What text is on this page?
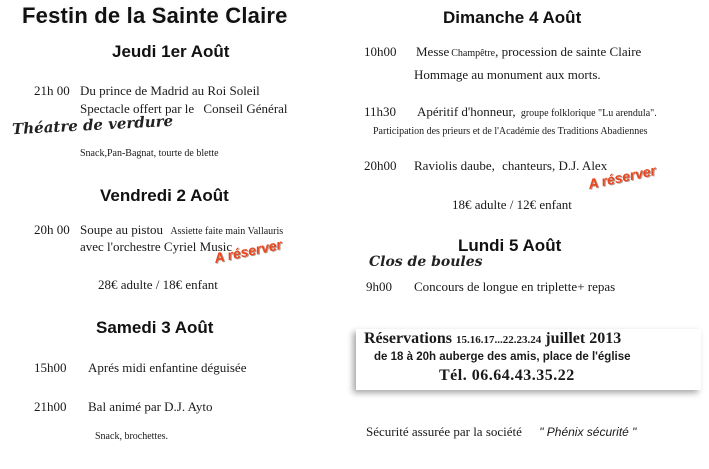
Festin de la Sainte Claire
Jeudi 1er Août
21h 00 Du prince de Madrid au Roi Soleil
Spectacle offert par le Conseil Général
Théatre de verdure
Snack,Pan-Bagnat, tourte de blette
Vendredi 2 Août
20h 00 Soupe au pistou Assiette faite main Vallauris
avec l'orchestre Cyriel Music
A réserver
28€ adulte / 18€ enfant
Samedi 3 Août
15h00 Aprés midi enfantine déguisée
21h00 Bal animé par D.J. Ayto
Snack, brochettes.
Dimanche 4 Août
10h00 Messe Champêtre, procession de sainte Claire
Hommage au monument aux morts.
11h30 Apéritif d'honneur, groupe folklorique "Lu arendula".
Participation des prieurs et de l'Académie des Traditions Abadiennes
20h00 Raviolis daube, chanteurs, D.J. Alex
A réserver
18€ adulte / 12€ enfant
Lundi 5 Août
Clos de boules
9h00 Concours de longue en triplette+ repas
Réservations 15.16.17...22.23.24 juillet 2013
de 18 à 20h auberge des amis, place de l'église
Tél. 06.64.43.35.22
Sécurité assurée par la société " Phénix sécurité "
